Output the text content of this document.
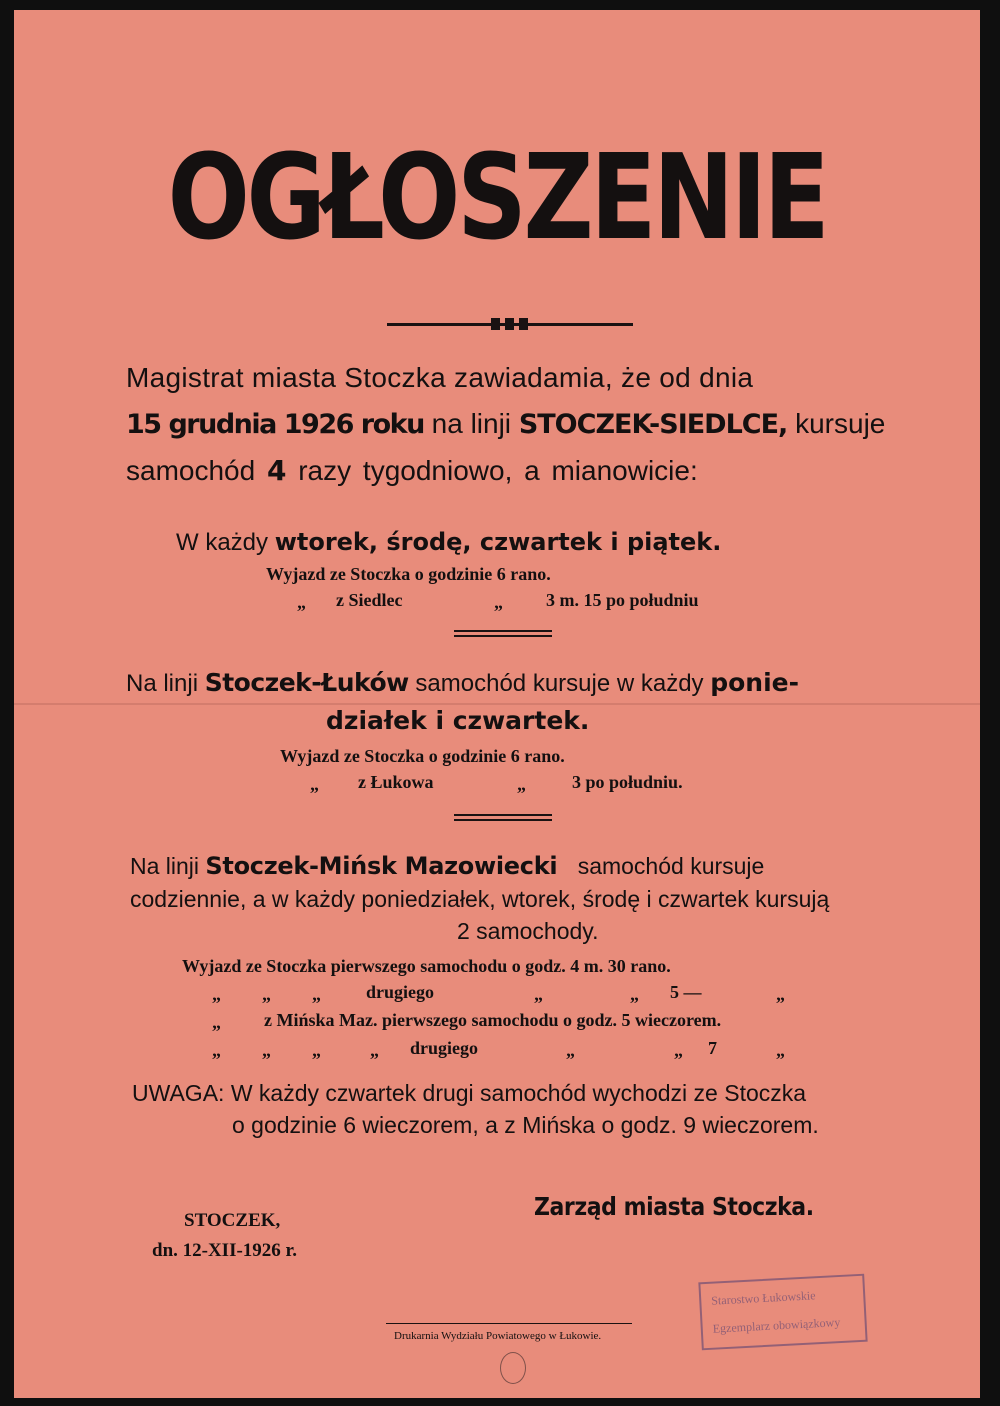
OGŁOSZENIE
Magistrat miasta Stoczka zawiadamia, że od dnia
15 grudnia 1926 roku na linji STOCZEK-SIEDLCE, kursuje
samochód 4 razy tygodniowo, a mianowicie:
W każdy wtorek, środę, czwartek i piątek.
Wyjazd ze Stoczka o godzinie 6 rano.
„ z Siedlec	„ 3 m. 15 po południu
Na linji Stoczek-Łuków samochód kursuje w każdy ponie-
działek i czwartek.
Wyjazd ze Stoczka o godzinie 6 rano.
„ z Łukowa	„	3 po południu.
Na linji Stoczek-Mińsk Mazowiecki samochód kursuje
codziennie, a w każdy poniedziałek, wtorek, środę i czwartek kursują
2 samochody.
Wyjazd ze Stoczka pierwszego samochodu o godz. 4 m. 30 rano.
„ „ „	drugiego	„	„ 5 —	„
„ z Mińska Maz. pierwszego samochodu o godz. 5 wieczorem.
„ „ „	„ drugiego	„	„ 7	„
UWAGA: W każdy czwartek drugi samochód wychodzi ze Stoczka
o godzinie 6 wieczorem, a z Mińska o godz. 9 wieczorem.
STOCZEK,
dn. 12-XII-1926 r.
Zarząd miasta Stoczka.
Drukarnia Wydziału Powiatowego w Łukowie.
Starostwo Łukowskie
Egzemplarz obowiązkowy
